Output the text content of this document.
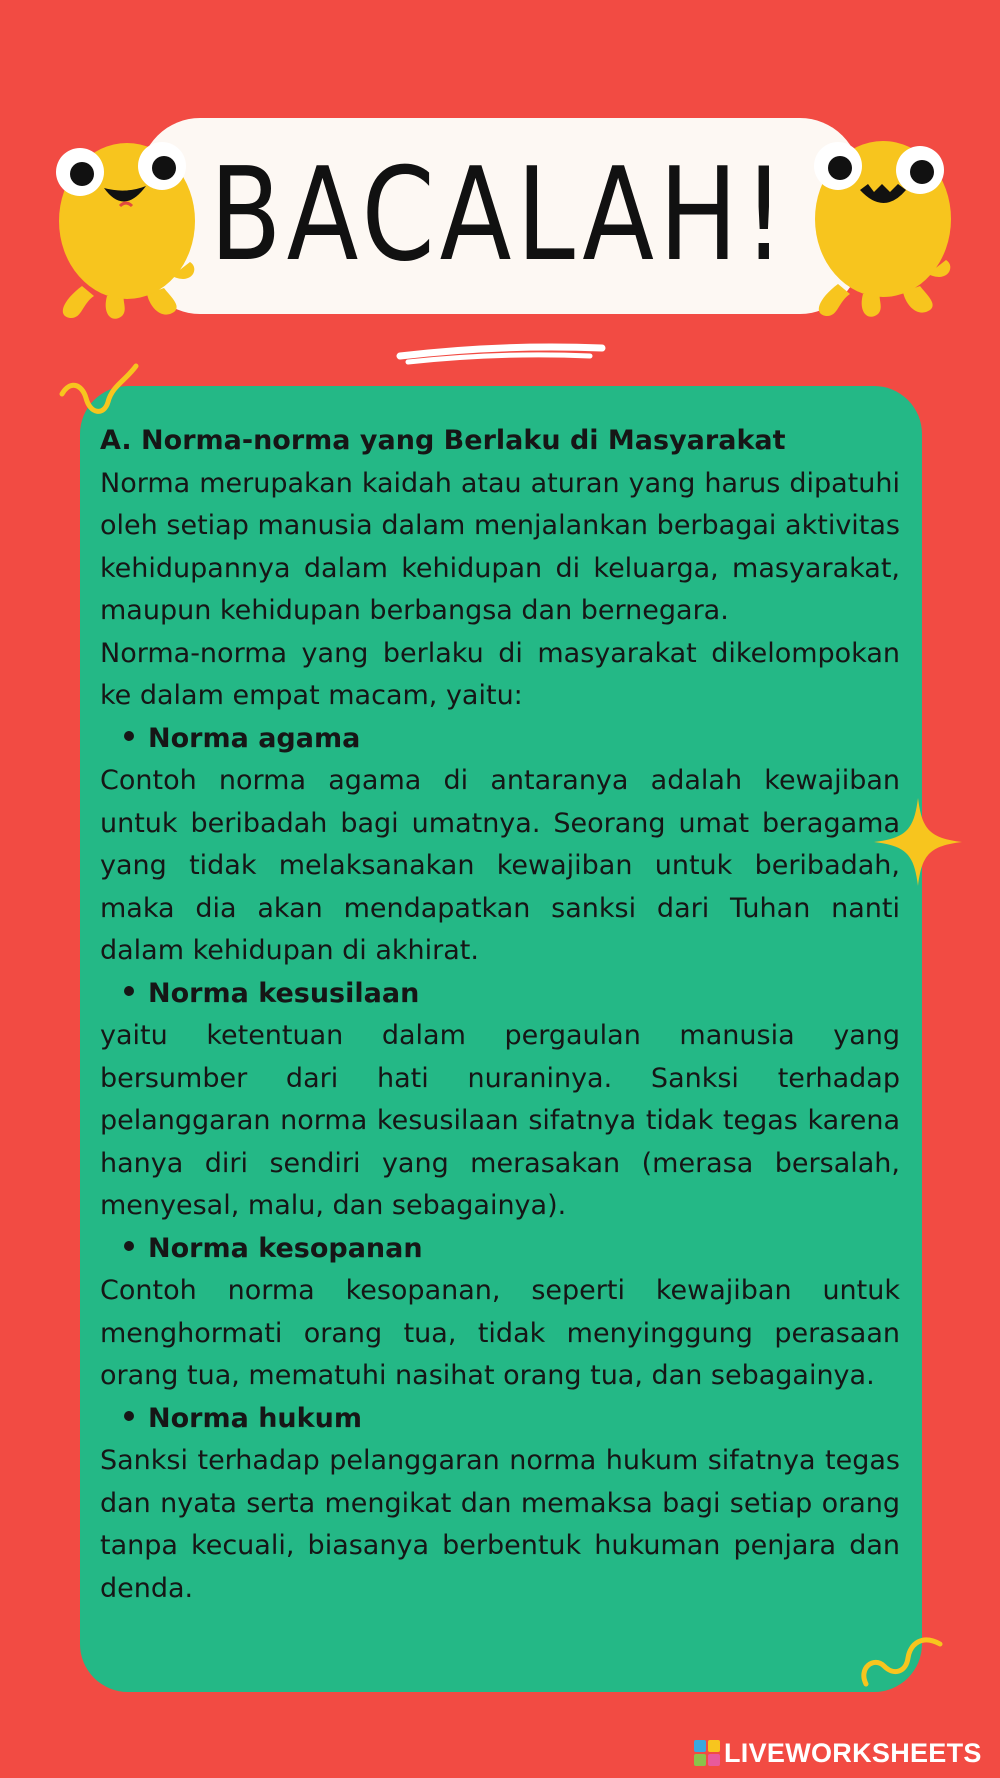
BACALAH!
A. Norma-norma yang Berlaku di Masyarakat

Norma merupakan kaidah atau aturan yang harus dipatuhi oleh setiap manusia dalam menjalankan berbagai aktivitas kehidupannya dalam kehidupan di keluarga, masyarakat, maupun kehidupan berbangsa dan bernegara.

Norma-norma yang berlaku di masyarakat dikelompokan ke dalam empat macam, yaitu:

Norma agama

Contoh norma agama di antaranya adalah kewajiban untuk beribadah bagi umatnya. Seorang umat beragama yang tidak melaksanakan kewajiban untuk beribadah, maka dia akan mendapatkan sanksi dari Tuhan nanti dalam kehidupan di akhirat.

Norma kesusilaan

yaitu ketentuan dalam pergaulan manusia yang bersumber dari hati nuraninya. Sanksi terhadap pelanggaran norma kesusilaan sifatnya tidak tegas karena hanya diri sendiri yang merasakan (merasa bersalah, menyesal, malu, dan sebagainya).

Norma kesopanan

Contoh norma kesopanan, seperti kewajiban untuk menghormati orang tua, tidak menyinggung perasaan orang tua, mematuhi nasihat orang tua, dan sebagainya.

Norma hukum

Sanksi terhadap pelanggaran norma hukum sifatnya tegas dan nyata serta mengikat dan memaksa bagi setiap orang tanpa kecuali, biasanya berbentuk hukuman penjara dan denda.

LIVEWORKSHEETS
